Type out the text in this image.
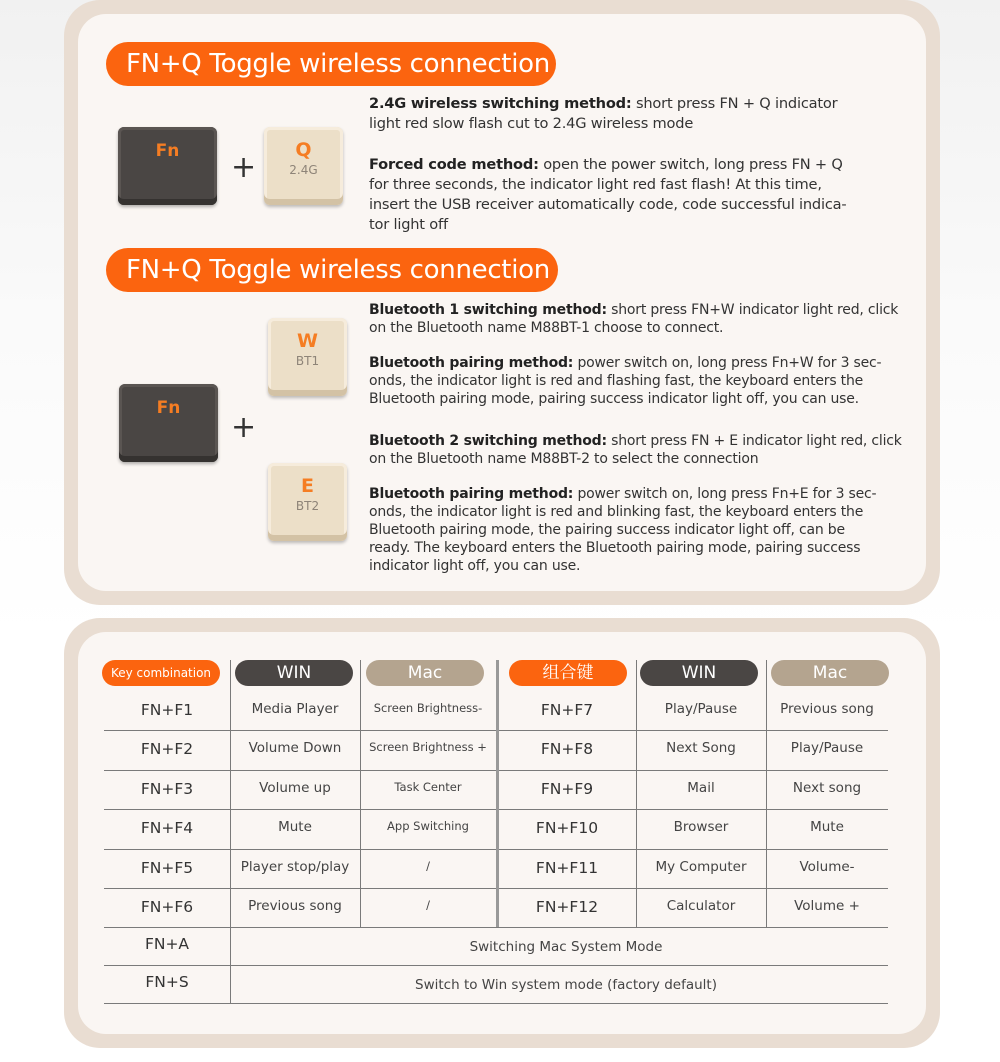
FN+Q Toggle wireless connection
Fn	+	Q
2.4G
2.4G wireless switching method: short press FN + Q indicator
light red slow flash cut to 2.4G wireless mode
Forced code method: open the power switch, long press FN + Q
for three seconds, the indicator light red fast flash! At this time,
insert the USB receiver automatically code, code successful indica-
tor light off
FN+Q Toggle wireless connection
Fn
+
W
BT1
E
BT2
Bluetooth 1 switching method: short press FN+W indicator light red, click
on the Bluetooth name M88BT-1 choose to connect.
Bluetooth pairing method: power switch on, long press Fn+W for 3 sec-
onds, the indicator light is red and flashing fast, the keyboard enters the
Bluetooth pairing mode, pairing success indicator light off, you can use.
Bluetooth 2 switching method: short press FN + E indicator light red, click
on the Bluetooth name M88BT-2 to select the connection
Bluetooth pairing method: power switch on, long press Fn+E for 3 sec-
onds, the indicator light is red and blinking fast, the keyboard enters the
Bluetooth pairing mode, the pairing success indicator light off, can be
ready. The keyboard enters the Bluetooth pairing mode, pairing success
indicator light off, you can use.
Key combination	WIN	Mac	组合键	WIN	Mac
FN+F1	Media Player	Screen Brightness-	FN+F7	Play/Pause	Previous song
FN+F2	Volume Down	Screen Brightness +	FN+F8	Next Song	Play/Pause
FN+F3	Volume up	Task Center	FN+F9	Mail	Next song
FN+F4	Mute	App Switching	FN+F10	Browser	Mute
FN+F5	Player stop/play	/	FN+F11	My Computer	Volume-
FN+F6	Previous song	/	FN+F12	Calculator	Volume +
FN+A	Switching Mac System Mode
FN+S	Switch to Win system mode (factory default)
